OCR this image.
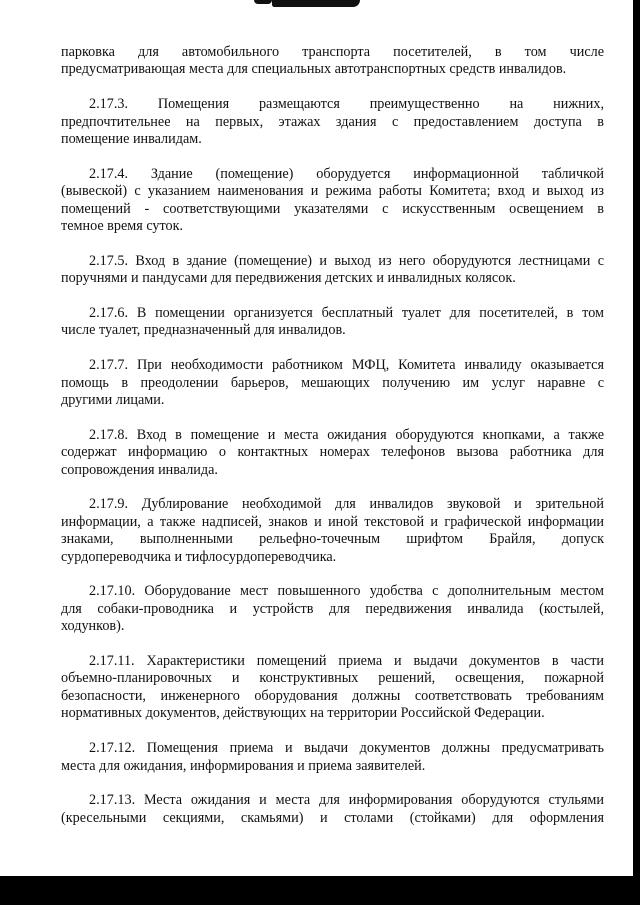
парковка для автомобильного транспорта посетителей, в том числе
предусматривающая места для специальных автотранспортных средств инвалидов.
2.17.3. Помещения размещаются преимущественно на нижних,
предпочтительнее на первых, этажах здания с предоставлением доступа в
помещение инвалидам.
2.17.4. Здание (помещение) оборудуется информационной табличкой
(вывеской) с указанием наименования и режима работы Комитета; вход и выход из
помещений - соответствующими указателями с искусственным освещением в
темное время суток.
2.17.5. Вход в здание (помещение) и выход из него оборудуются лестницами с
поручнями и пандусами для передвижения детских и инвалидных колясок.
2.17.6. В помещении организуется бесплатный туалет для посетителей, в том
числе туалет, предназначенный для инвалидов.
2.17.7. При необходимости работником МФЦ, Комитета инвалиду оказывается
помощь в преодолении барьеров, мешающих получению им услуг наравне с
другими лицами.
2.17.8. Вход в помещение и места ожидания оборудуются кнопками, а также
содержат информацию о контактных номерах телефонов вызова работника для
сопровождения инвалида.
2.17.9. Дублирование необходимой для инвалидов звуковой и зрительной
информации, а также надписей, знаков и иной текстовой и графической информации
знаками, выполненными рельефно-точечным шрифтом Брайля, допуск
сурдопереводчика и тифлосурдопереводчика.
2.17.10. Оборудование мест повышенного удобства с дополнительным местом
для собаки-проводника и устройств для передвижения инвалида (костылей,
ходунков).
2.17.11. Характеристики помещений приема и выдачи документов в части
объемно-планировочных и конструктивных решений, освещения, пожарной
безопасности, инженерного оборудования должны соответствовать требованиям
нормативных документов, действующих на территории Российской Федерации.
2.17.12. Помещения приема и выдачи документов должны предусматривать
места для ожидания, информирования и приема заявителей.
2.17.13. Места ожидания и места для информирования оборудуются стульями
(кресельными секциями, скамьями) и столами (стойками) для оформления
